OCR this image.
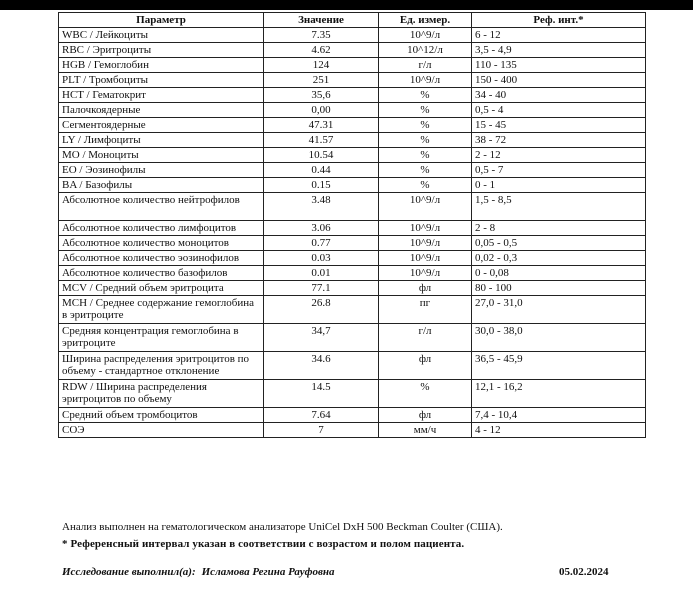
Параметр	Значение	Ед. измер.	Реф. инт.*
WBC / Лейкоциты	7.35	10^9/л	6 - 12
RBC / Эритроциты	4.62	10^12/л	3,5 - 4,9
HGB / Гемоглобин	124	г/л	110 - 135
PLT / Тромбоциты	251	10^9/л	150 - 400
HCT / Гематокрит	35,6	%	34 - 40
Палочкоядерные	0,00	%	0,5 - 4
Сегментоядерные	47.31	%	15 - 45
LY / Лимфоциты	41.57	%	38 - 72
MO / Моноциты	10.54	%	2 - 12
EO / Эозинофилы	0.44	%	0,5 - 7
BA / Базофилы	0.15	%	0 - 1
Абсолютное количество нейтрофилов	3.48	10^9/л	1,5 - 8,5
Абсолютное количество лимфоцитов	3.06	10^9/л	2 - 8
Абсолютное количество моноцитов	0.77	10^9/л	0,05 - 0,5
Абсолютное количество эозинофилов	0.03	10^9/л	0,02 - 0,3
Абсолютное количество базофилов	0.01	10^9/л	0 - 0,08
MCV / Средний объем эритроцита	77.1	фл	80 - 100
MCH / Среднее содержание гемоглобина в эритроците	26.8	пг	27,0 - 31,0
Средняя концентрация гемоглобина в эритроците	34,7	г/л	30,0 - 38,0
Ширина распределения эритроцитов по объему - стандартное отклонение	34.6	фл	36,5 - 45,9
RDW / Ширина распределения эритроцитов по объему	14.5	%	12,1 - 16,2
Средний объем тромбоцитов	7.64	фл	7,4 - 10,4
СОЭ	7	мм/ч	4 - 12
Анализ выполнен на гематологическом анализаторе UniCel DxH 500 Beckman Coulter (США).
* Референсный интервал указан в соответствии с возрастом и полом пациента.
Исследование выполнил(а): Исламова Регина Рауфовна	05.02.2024
